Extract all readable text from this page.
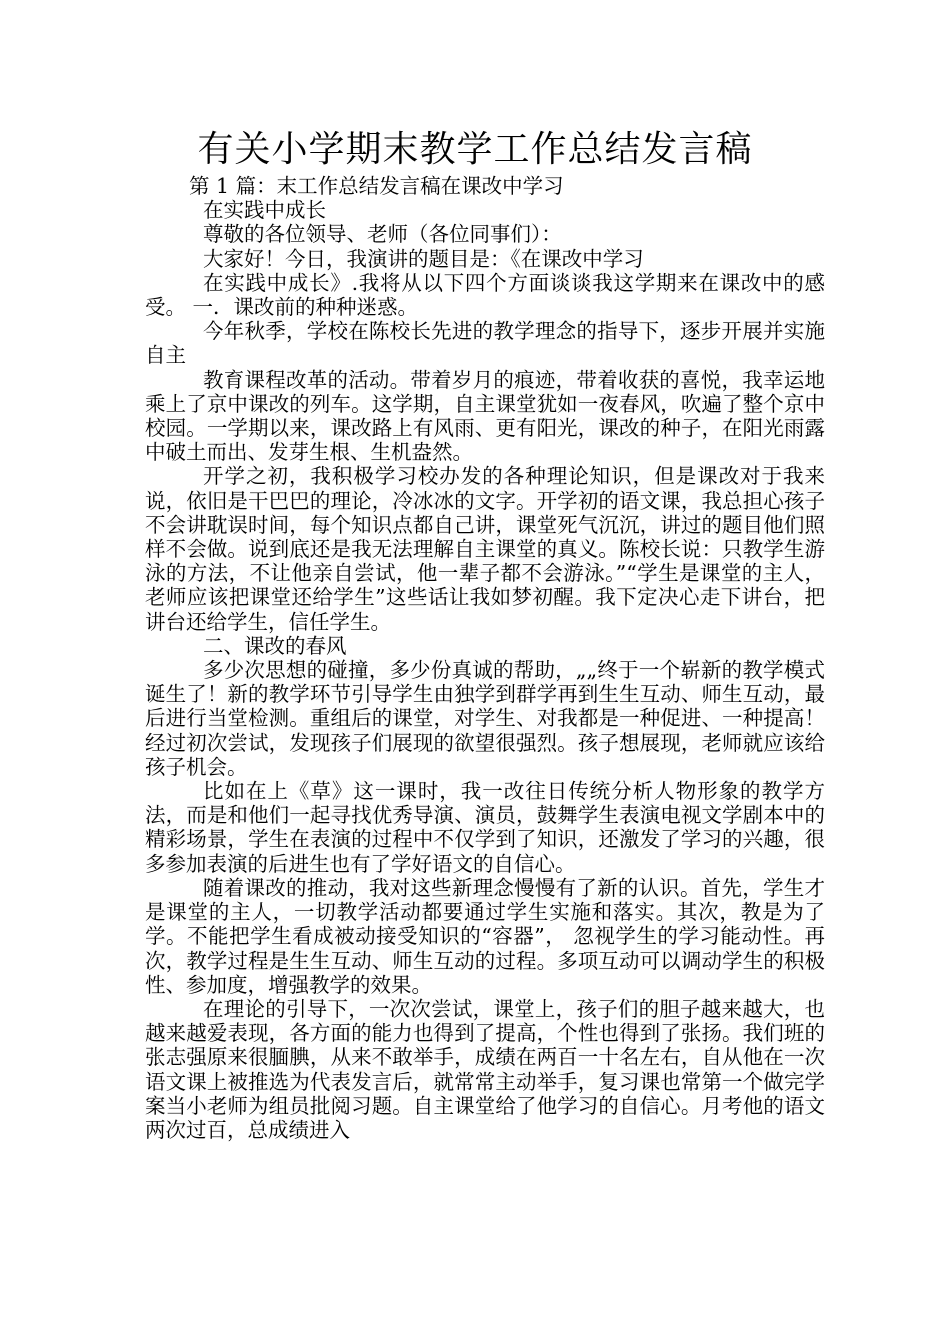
有关小学期末教学工作总结发言稿

第 1 篇：末工作总结发言稿在课改中学习

在实践中成长

尊敬的各位领导、老师（各位同事们）：

大家好！今日，我演讲的题目是：《在课改中学习

在实践中成长》.我将从以下四个方面谈谈我这学期来在课改中的感受。 一．课改前的种种迷惑。

今年秋季，学校在陈校长先进的教学理念的指导下，逐步开展并实施自主

教育课程改革的活动。带着岁月的痕迹，带着收获的喜悦，我幸运地乘上了京中课改的列车。这学期，自主课堂犹如一夜春风，吹遍了整个京中校园。一学期以来，课改路上有风雨、更有阳光，课改的种子，在阳光雨露中破土而出、发芽生根、生机盎然。

开学之初，我积极学习校办发的各种理论知识，但是课改对于我来说，依旧是干巴巴的理论，冷冰冰的文字。开学初的语文课，我总担心孩子不会讲耽误时间，每个知识点都自己讲，课堂死气沉沉，讲过的题目他们照样不会做。说到底还是我无法理解自主课堂的真义。陈校长说：只教学生游泳的方法，不让他亲自尝试，他一辈子都不会游泳。”“学生是课堂的主人，老师应该把课堂还给学生”这些话让我如梦初醒。我下定决心走下讲台，把讲台还给学生，信任学生。

二、课改的春风

多少次思想的碰撞，多少份真诚的帮助，„„终于一个崭新的教学模式诞生了！新的教学环节引导学生由独学到群学再到生生互动、师生互动，最后进行当堂检测。重组后的课堂，对学生、对我都是一种促进、一种提高！经过初次尝试，发现孩子们展现的欲望很强烈。孩子想展现，老师就应该给孩子机会。

比如在上《草》这一课时，我一改往日传统分析人物形象的教学方法，而是和他们一起寻找优秀导演、演员，鼓舞学生表演电视文学剧本中的精彩场景，学生在表演的过程中不仅学到了知识，还激发了学习的兴趣，很多参加表演的后进生也有了学好语文的自信心。

随着课改的推动，我对这些新理念慢慢有了新的认识。首先，学生才是课堂的主人，一切教学活动都要通过学生实施和落实。其次，教是为了学。不能把学生看成被动接受知识的“容器”， 忽视学生的学习能动性。再次，教学过程是生生互动、师生互动的过程。多项互动可以调动学生的积极性、参加度，增强教学的效果。

在理论的引导下，一次次尝试，课堂上，孩子们的胆子越来越大，也越来越爱表现，各方面的能力也得到了提高，个性也得到了张扬。我们班的张志强原来很腼腆，从来不敢举手，成绩在两百一十名左右，自从他在一次语文课上被推选为代表发言后，就常常主动举手，复习课也常第一个做完学案当小老师为组员批阅习题。自主课堂给了他学习的自信心。月考他的语文两次过百，总成绩进入
